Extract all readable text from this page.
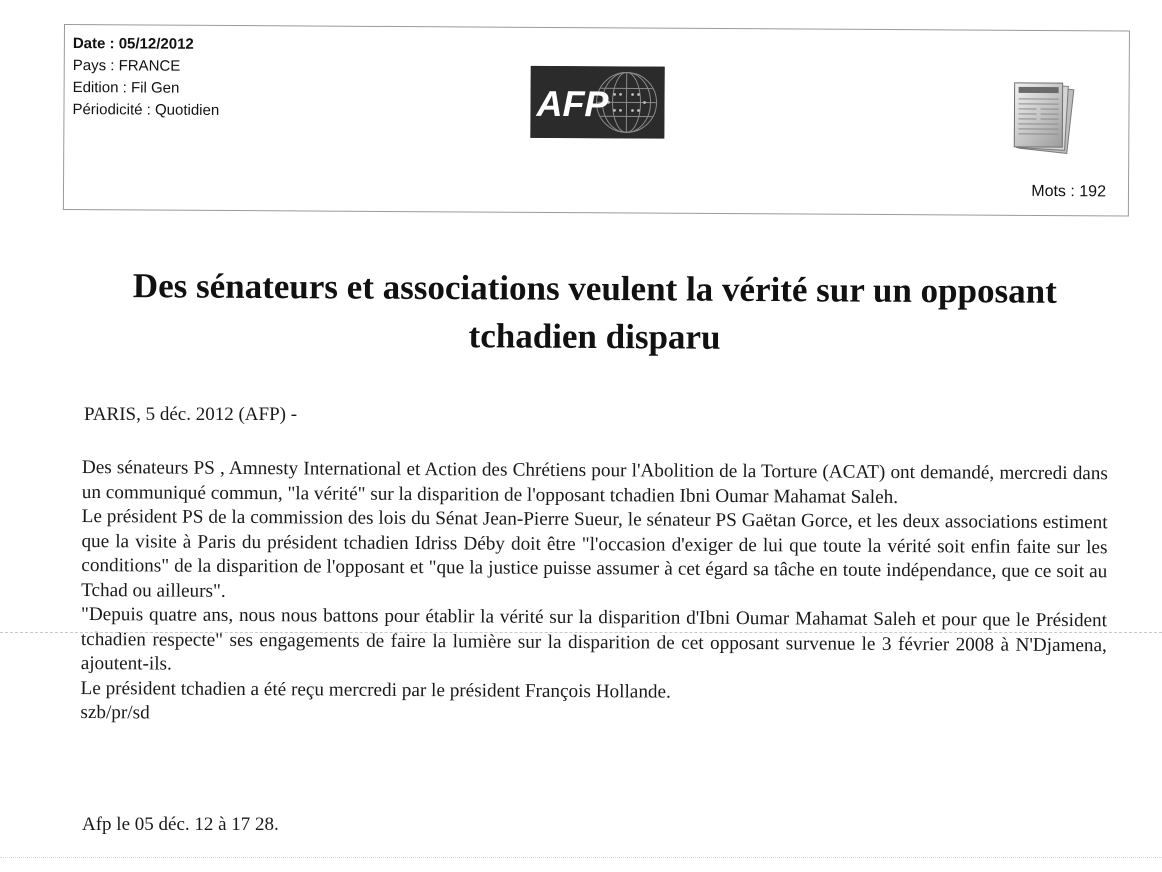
Date : 05/12/2012
Pays : FRANCE
Edition : Fil Gen
Périodicité : Quotidien	AFP
Mots : 192
Des sénateurs et associations veulent la vérité sur un opposant tchadien disparu
PARIS, 5 déc. 2012 (AFP) -

Des sénateurs PS , Amnesty International et Action des Chrétiens pour l'Abolition de la Torture (ACAT) ont demandé, mercredi dans un communiqué commun, "la vérité" sur la disparition de l'opposant tchadien Ibni Oumar Mahamat Saleh.

Le président PS de la commission des lois du Sénat Jean-Pierre Sueur, le sénateur PS Gaëtan Gorce, et les deux associations estiment que la visite à Paris du président tchadien Idriss Déby doit être "l'occasion d'exiger de lui que toute la vérité soit enfin faite sur les conditions" de la disparition de l'opposant et "que la justice puisse assumer à cet égard sa tâche en toute indépendance, que ce soit au Tchad ou ailleurs".

"Depuis quatre ans, nous nous battons pour établir la vérité sur la disparition d'Ibni Oumar Mahamat Saleh et pour que le Président tchadien respecte" ses engagements de faire la lumière sur la disparition de cet opposant survenue le 3 février 2008 à N'Djamena, ajoutent-ils.

Le président tchadien a été reçu mercredi par le président François Hollande.

szb/pr/sd

Afp le 05 déc. 12 à 17 28.
